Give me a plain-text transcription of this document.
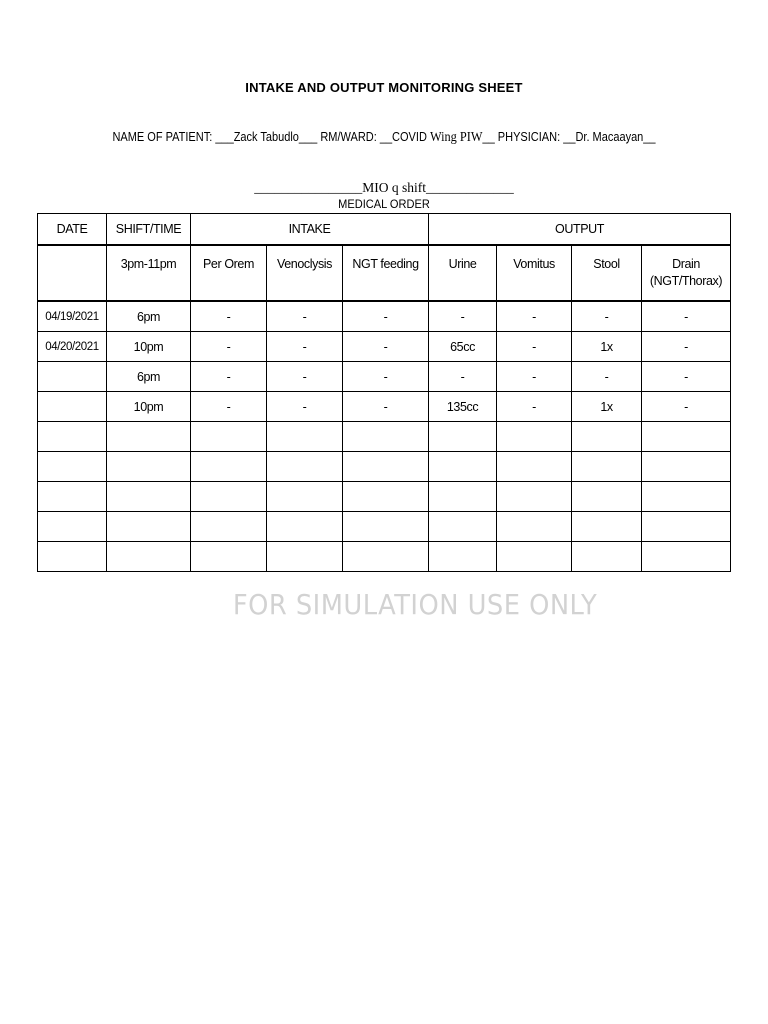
INTAKE AND OUTPUT MONITORING SHEET
NAME OF PATIENT: ___Zack Tabudlo___ RM/WARD: __COVID Wing PIW__ PHYSICIAN: __Dr. Macaayan__
________________MIO q shift_____________
MEDICAL ORDER
DATE	SHIFT/TIME	INTAKE			OUTPUT			
	3pm-11pm	Per Orem	Venoclysis	NGT feeding	Urine	Vomitus	Stool	Drain
(NGT/Thorax)
04/19/2021	6pm	-	-	-	-	-	-	-
04/20/2021	10pm	-	-	-	65cc	-	1x	-
	6pm	-	-	-	-	-	-	-
	10pm	-	-	-	135cc	-	1x	-

FOR SIMULATION USE ONLY
